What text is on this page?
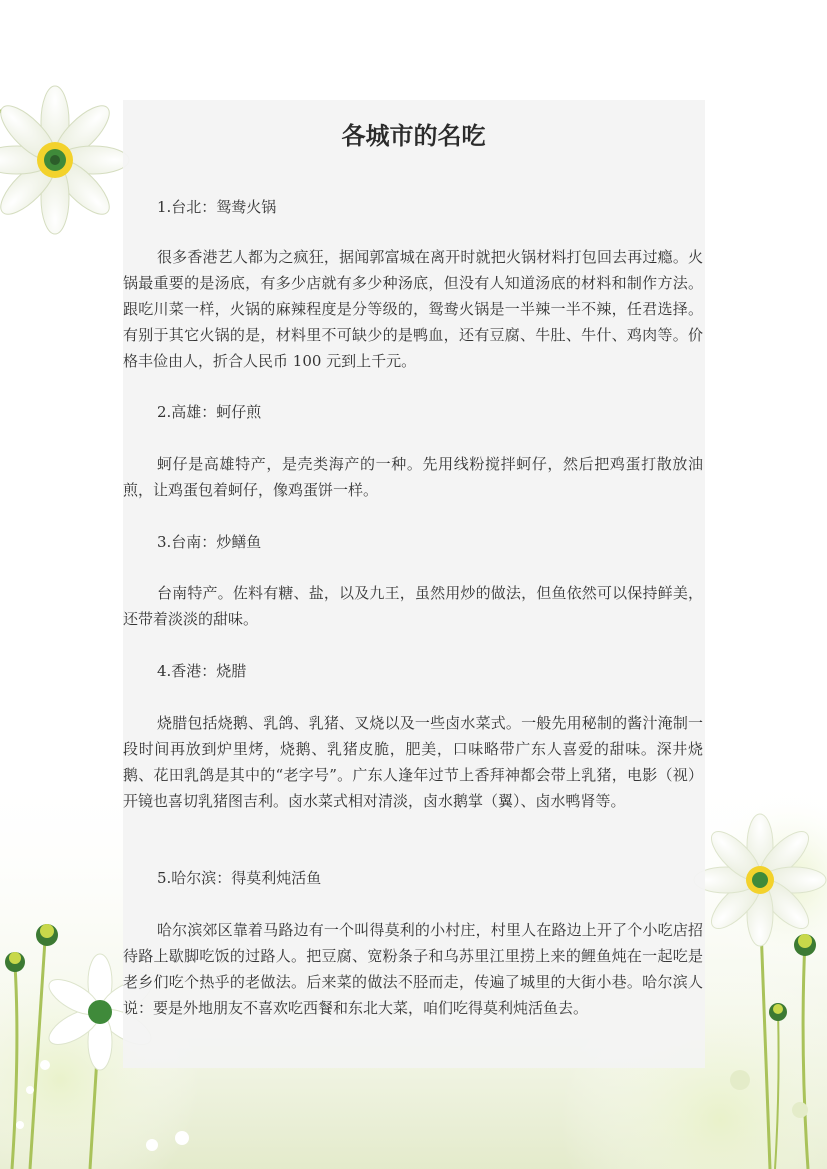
各城市的名吃

1.台北：鸳鸯火锅

很多香港艺人都为之疯狂，据闻郭富城在离开时就把火锅材料打包回去再过瘾。火锅最重要的是汤底，有多少店就有多少种汤底，但没有人知道汤底的材料和制作方法。跟吃川菜一样，火锅的麻辣程度是分等级的，鸳鸯火锅是一半辣一半不辣，任君选择。有别于其它火锅的是，材料里不可缺少的是鸭血，还有豆腐、牛肚、牛什、鸡肉等。价格丰俭由人，折合人民币 100 元到上千元。

2.高雄：蚵仔煎

蚵仔是高雄特产，是壳类海产的一种。先用线粉搅拌蚵仔，然后把鸡蛋打散放油煎，让鸡蛋包着蚵仔，像鸡蛋饼一样。

3.台南：炒鳝鱼

台南特产。佐料有糖、盐，以及九王，虽然用炒的做法，但鱼依然可以保持鲜美，还带着淡淡的甜味。

4.香港：烧腊

烧腊包括烧鹅、乳鸽、乳猪、叉烧以及一些卤水菜式。一般先用秘制的酱汁淹制一段时间再放到炉里烤，烧鹅、乳猪皮脆，肥美，口味略带广东人喜爱的甜味。深井烧鹅、花田乳鸽是其中的“老字号”。广东人逢年过节上香拜神都会带上乳猪，电影（视）开镜也喜切乳猪图吉利。卤水菜式相对清淡，卤水鹅掌（翼）、卤水鸭肾等。

5.哈尔滨：得莫利炖活鱼

哈尔滨郊区靠着马路边有一个叫得莫利的小村庄，村里人在路边上开了个小吃店招待路上歇脚吃饭的过路人。把豆腐、宽粉条子和乌苏里江里捞上来的鲤鱼炖在一起吃是老乡们吃个热乎的老做法。后来菜的做法不胫而走，传遍了城里的大街小巷。哈尔滨人说：要是外地朋友不喜欢吃西餐和东北大菜，咱们吃得莫利炖活鱼去。
